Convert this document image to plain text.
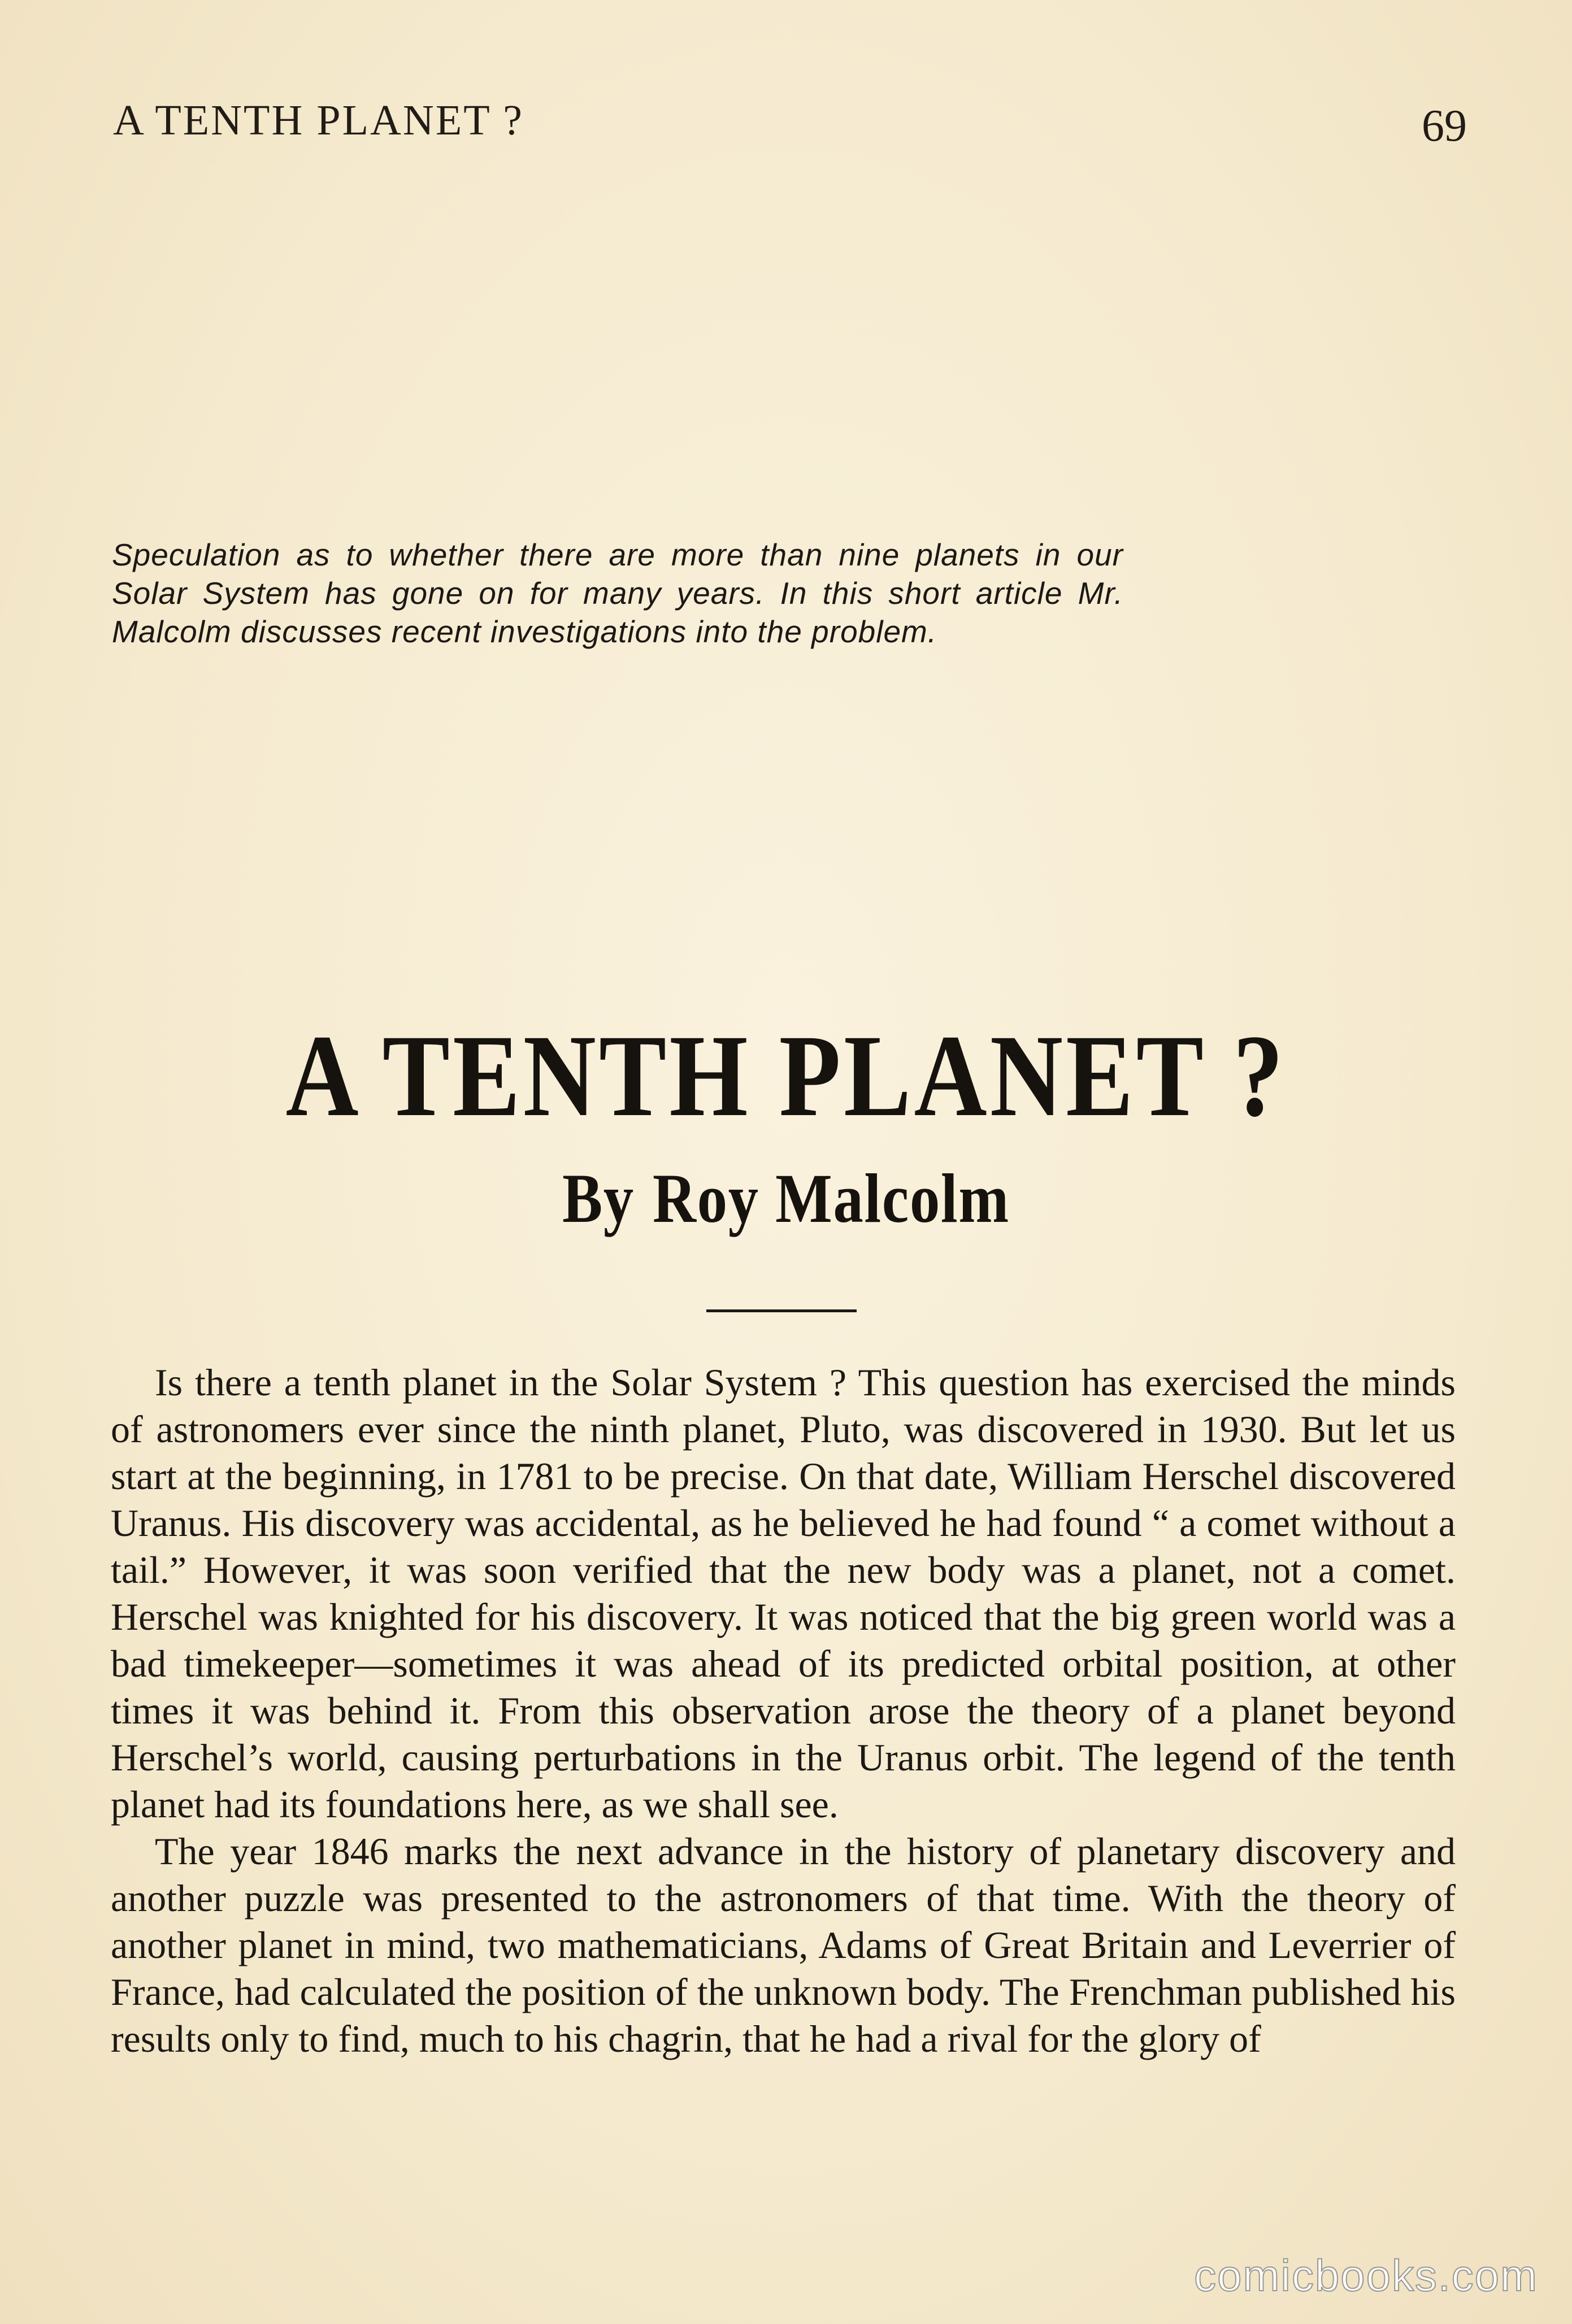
A TENTH PLANET ?	69
Speculation as to whether there are more than nine planets in our Solar System has gone on for many years. In this short article Mr. Malcolm discusses recent investigations into the problem.
A TENTH PLANET ?
By Roy Malcolm

Is there a tenth planet in the Solar System ? This question has exercised the minds of astronomers ever since the ninth planet, Pluto, was discovered in 1930. But let us start at the beginning, in 1781 to be precise. On that date, William Herschel discovered Uranus. His discovery was accidental, as he believed he had found “ a comet without a tail.” However, it was soon verified that the new body was a planet, not a comet. Herschel was knighted for his discovery. It was noticed that the big green world was a bad timekeeper—sometimes it was ahead of its predicted orbital position, at other times it was behind it. From this observation arose the theory of a planet beyond Herschel’s world, causing perturbations in the Uranus orbit. The legend of the tenth planet had its foundations here, as we shall see.

The year 1846 marks the next advance in the history of planetary discovery and another puzzle was presented to the astronomers of that time. With the theory of another planet in mind, two mathematicians, Adams of Great Britain and Leverrier of France, had calculated the position of the unknown body. The Frenchman published his results only to find, much to his chagrin, that he had a rival for the glory of

comicbooks.com
